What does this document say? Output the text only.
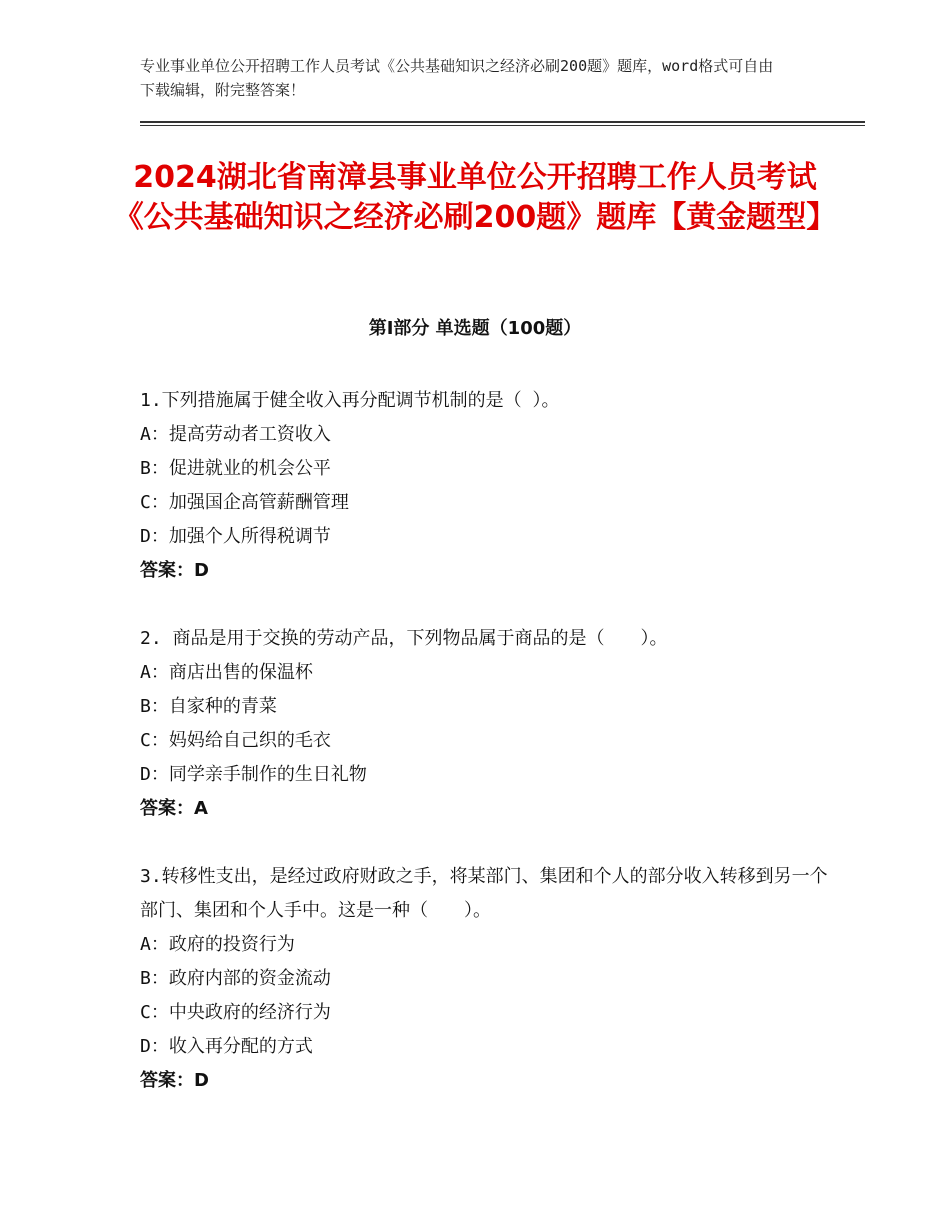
专业事业单位公开招聘工作人员考试《公共基础知识之经济必刷200题》题库，word格式可自由下载编辑，附完整答案！
2024湖北省南漳县事业单位公开招聘工作人员考试《公共基础知识之经济必刷200题》题库【黄金题型】
第Ⅰ部分 单选题（100题）

1.下列措施属于健全收入再分配调节机制的是（ ）。

A：提高劳动者工资收入

B：促进就业的机会公平

C：加强国企高管薪酬管理

D：加强个人所得税调节

答案：D

2. 商品是用于交换的劳动产品，下列物品属于商品的是（　　）。

A：商店出售的保温杯

B：自家种的青菜

C：妈妈给自己织的毛衣

D：同学亲手制作的生日礼物

答案：A

3.转移性支出，是经过政府财政之手，将某部门、集团和个人的部分收入转移到另一个部门、集团和个人手中。这是一种（　　）。

A：政府的投资行为

B：政府内部的资金流动

C：中央政府的经济行为

D：收入再分配的方式

答案：D
